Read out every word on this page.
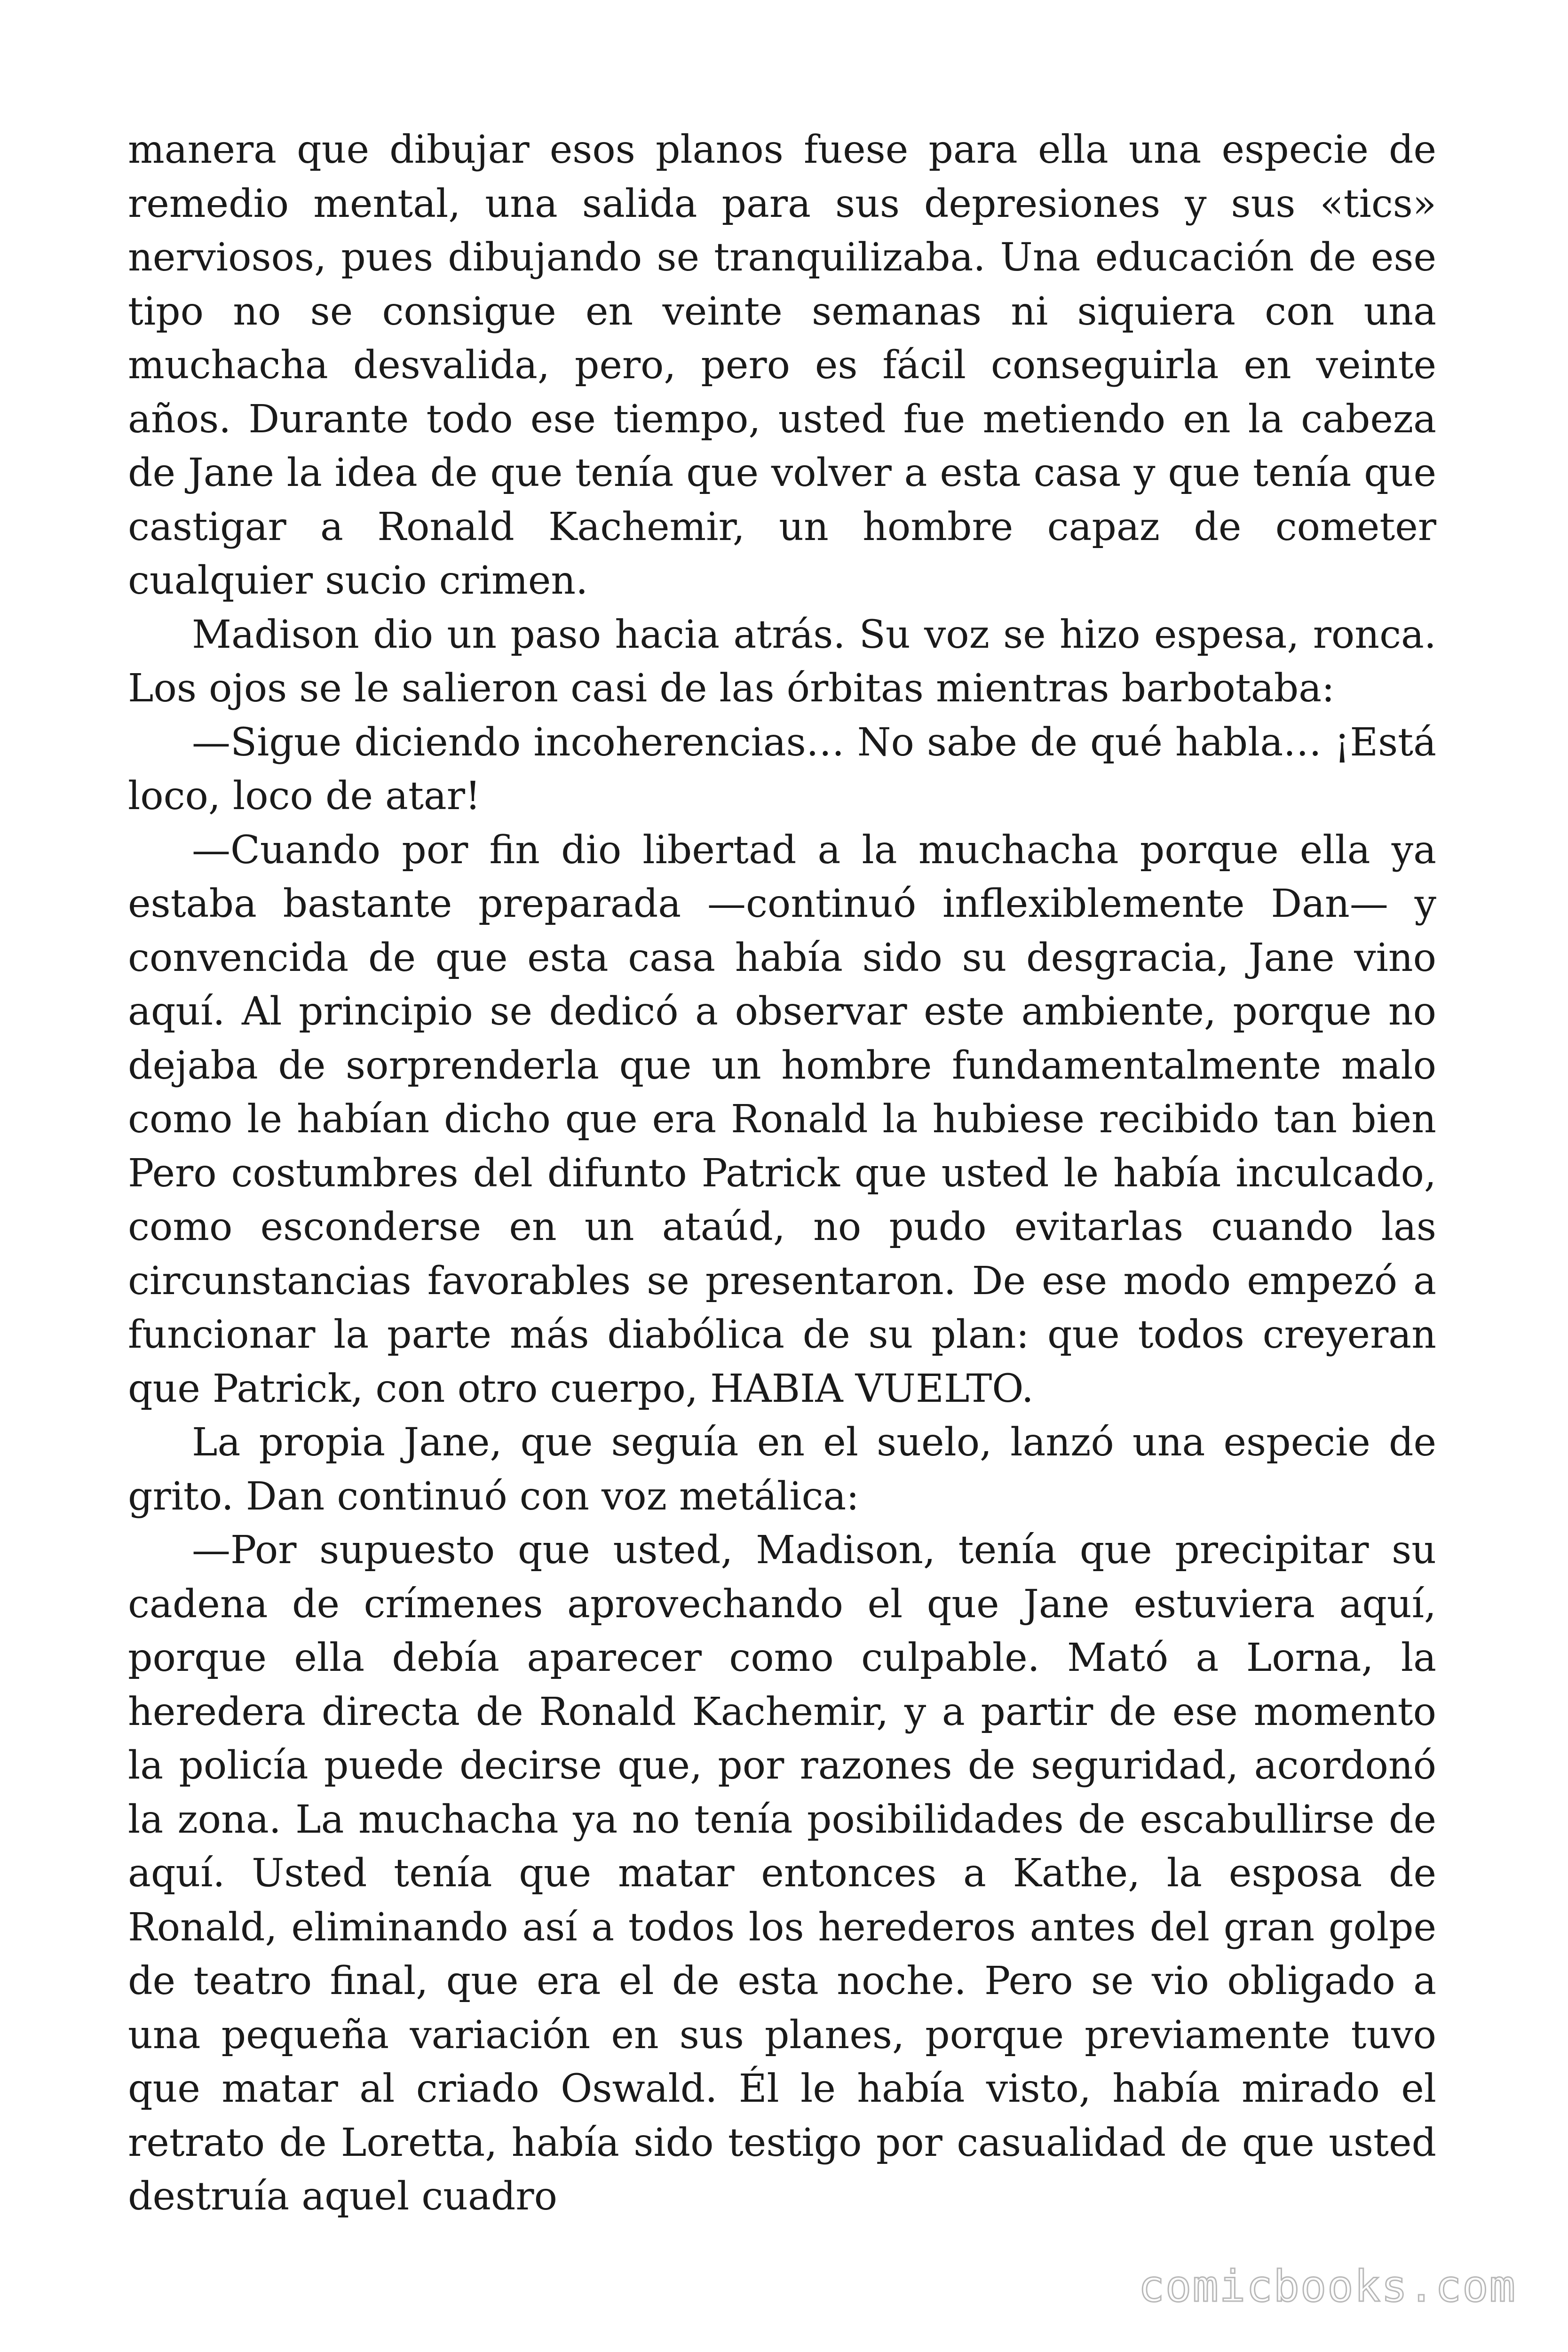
manera que dibujar esos planos fuese para ella una especie de remedio mental, una salida para sus depresiones y sus «tics» nerviosos, pues dibujando se tranquilizaba. Una educación de ese tipo no se consigue en veinte semanas ni siquiera con una muchacha desvalida, pero, pero es fácil conseguirla en veinte años. Durante todo ese tiempo, usted fue metiendo en la cabeza de Jane la idea de que tenía que volver a esta casa y que tenía que castigar a Ronald Kachemir, un hombre capaz de cometer cualquier sucio crimen.

Madison dio un paso hacia atrás. Su voz se hizo espesa, ronca. Los ojos se le salieron casi de las órbitas mientras barbotaba:

—Sigue diciendo incoherencias… No sabe de qué habla… ¡Está loco, loco de atar!

—Cuando por fin dio libertad a la muchacha porque ella ya estaba bastante preparada —continuó inflexiblemente Dan— y convencida de que esta casa había sido su desgracia, Jane vino aquí. Al principio se dedicó a observar este ambiente, porque no dejaba de sorprenderla que un hombre fundamentalmente malo como le habían dicho que era Ronald la hubiese recibido tan bien Pero costumbres del difunto Patrick que usted le había inculcado, como esconderse en un ataúd, no pudo evitarlas cuando las circunstancias favorables se presentaron. De ese modo empezó a funcionar la parte más diabólica de su plan: que todos creyeran que Patrick, con otro cuerpo, HABIA VUELTO.

La propia Jane, que seguía en el suelo, lanzó una especie de grito. Dan continuó con voz metálica:

—Por supuesto que usted, Madison, tenía que precipitar su cadena de crímenes aprovechando el que Jane estuviera aquí, porque ella debía aparecer como culpable. Mató a Lorna, la heredera directa de Ronald Kachemir, y a partir de ese momento la policía puede decirse que, por razones de seguridad, acordonó la zona. La muchacha ya no tenía posibilidades de escabullirse de aquí. Usted tenía que matar entonces a Kathe, la esposa de Ronald, eliminando así a todos los herederos antes del gran golpe de teatro final, que era el de esta noche. Pero se vio obligado a una pequeña variación en sus planes, porque previamente tuvo que matar al criado Oswald. Él le había visto, había mirado el retrato de Loretta, había sido testigo por casualidad de que usted destruía aquel cuadro

comicbooks.com
